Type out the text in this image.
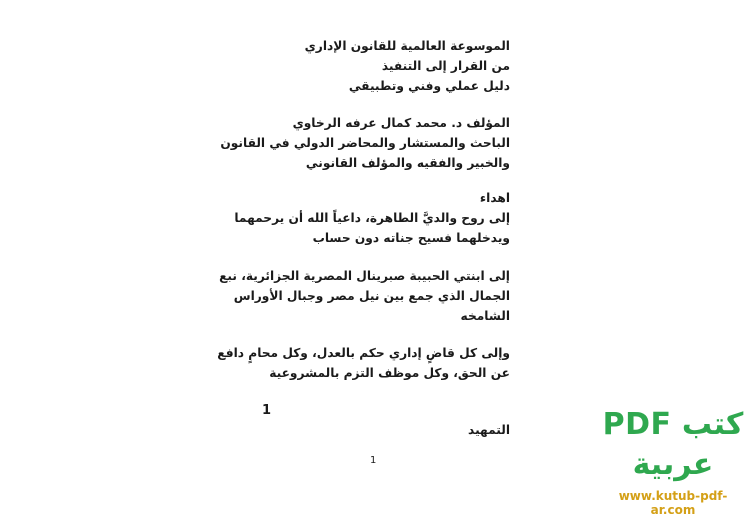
الموسوعة العالمية للقانون الإداري
من القرار إلى التنفيذ
دليل عملي وفني وتطبيقي
المؤلف د. محمد كمال عرفه الرخاوي
الباحث والمستشار والمحاضر الدولي في القانون
والخبير والفقيه والمؤلف القانوني
اهداء
إلى روح والديَّ الطاهرة، داعياً الله أن يرحمهما
ويدخلهما فسيح جناته دون حساب
إلى ابنتي الحبيبة صبرينال المصرية الجزائرية، نبع
الجمال الذي جمع بين نيل مصر وجبال الأوراس
الشامخه
وإلى كل قاضٍ إداري حكم بالعدل، وكل محامٍ دافع
عن الحق، وكل موظف التزم بالمشروعية
1
التمهيد
1
كتب PDF عربية
www.kutub-pdf-ar.com
